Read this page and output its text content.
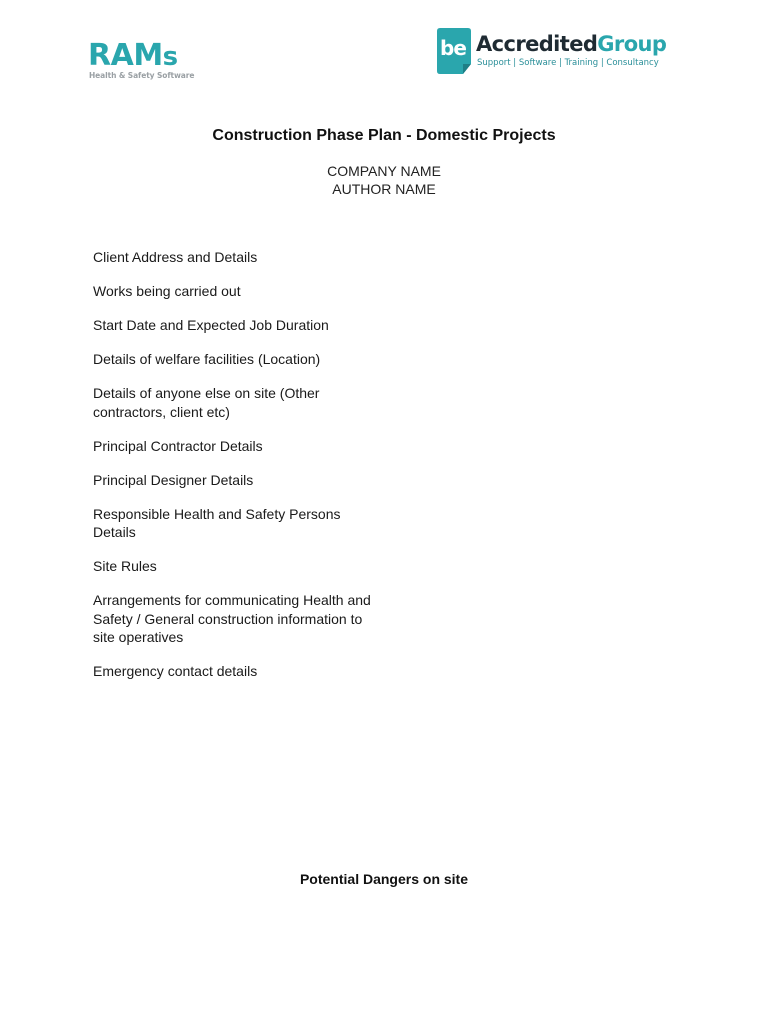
RAMs
Health & Safety Software
be AccreditedGroup
Support | Software | Training | Consultancy
Construction Phase Plan - Domestic Projects
COMPANY NAME
AUTHOR NAME
Client Address and Details
Works being carried out
Start Date and Expected Job Duration
Details of welfare facilities (Location)
Details of anyone else on site (Other contractors, client etc)
Principal Contractor Details
Principal Designer Details
Responsible Health and Safety Persons Details
Site Rules
Arrangements for communicating Health and Safety / General construction information to site operatives
Emergency contact details
Potential Dangers on site
